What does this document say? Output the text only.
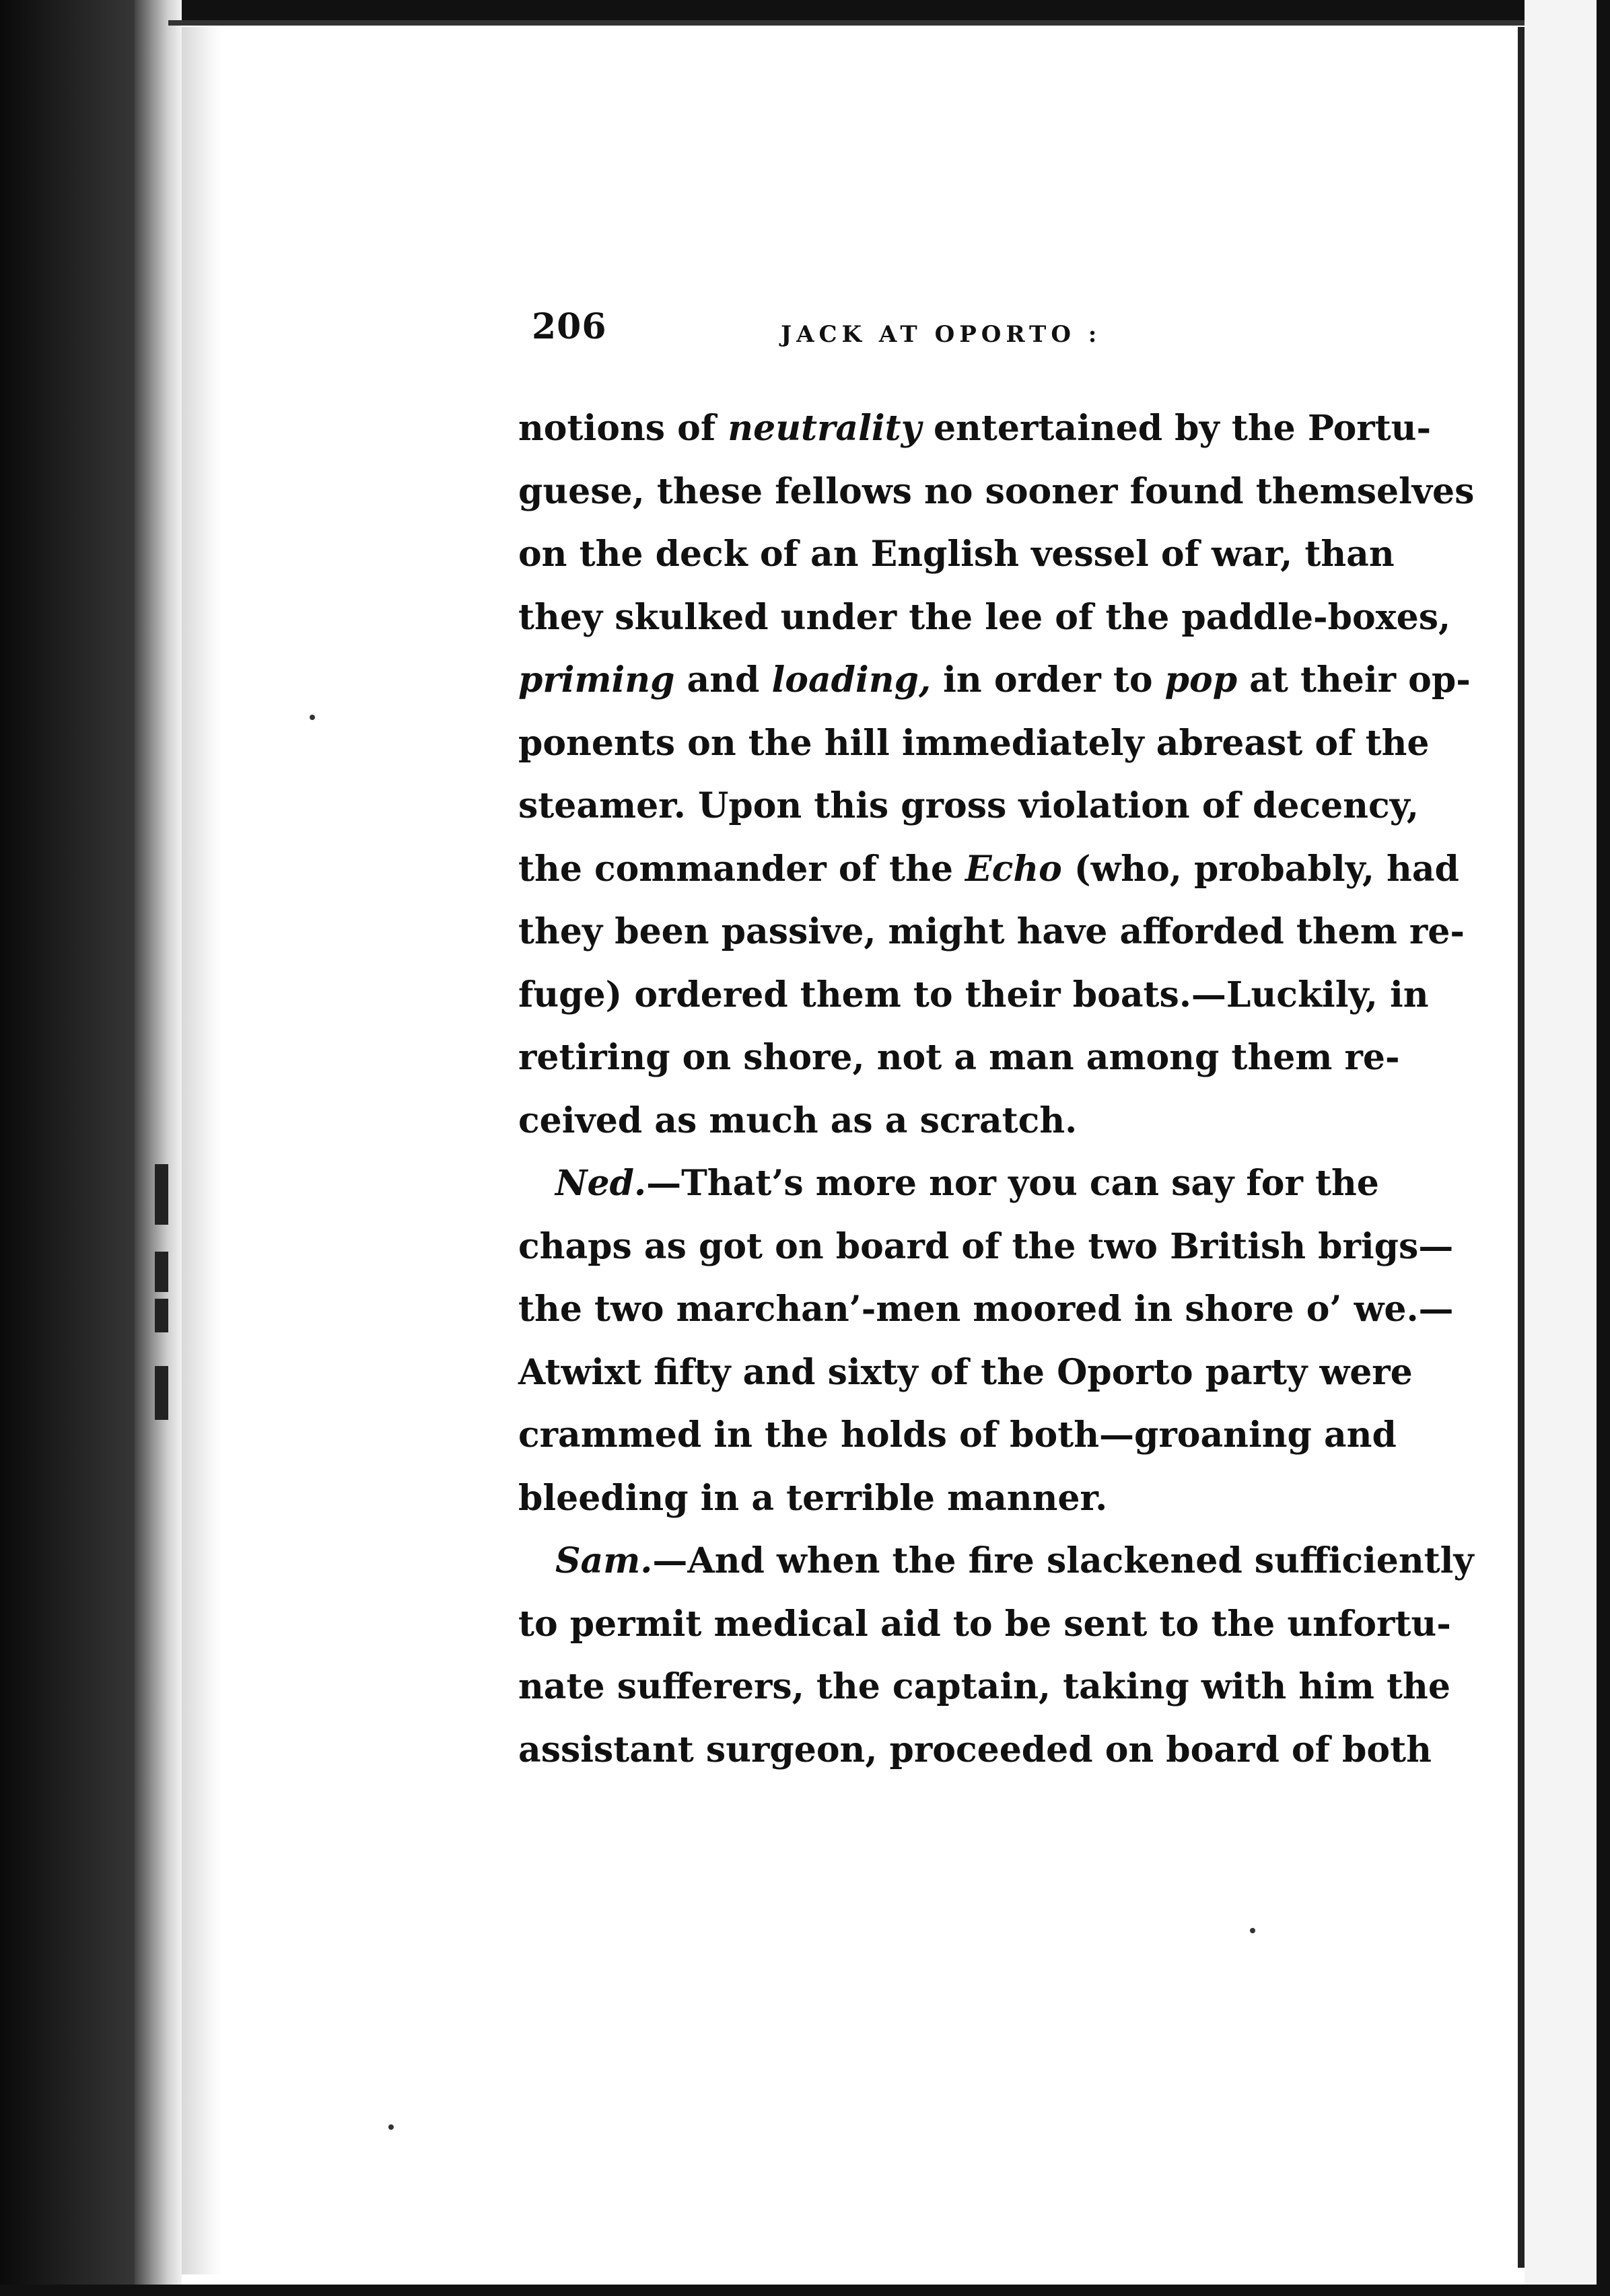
206	JACK AT OPORTO :
notions of neutrality entertained by the Portu-
guese, these fellows no sooner found themselves
on the deck of an English vessel of war, than
they skulked under the lee of the paddle-boxes,
priming and loading, in order to pop at their op-
ponents on the hill immediately abreast of the
steamer. Upon this gross violation of decency,
the commander of the Echo (who, probably, had
they been passive, might have afforded them re-
fuge) ordered them to their boats.—Luckily, in
retiring on shore, not a man among them re-
ceived as much as a scratch.
Ned.—That’s more nor you can say for the
chaps as got on board of the two British brigs—
the two marchan’-men moored in shore o’ we.—
Atwixt fifty and sixty of the Oporto party were
crammed in the holds of both—groaning and
bleeding in a terrible manner.
Sam.—And when the fire slackened sufficiently
to permit medical aid to be sent to the unfortu-
nate sufferers, the captain, taking with him the
assistant surgeon, proceeded on board of both
